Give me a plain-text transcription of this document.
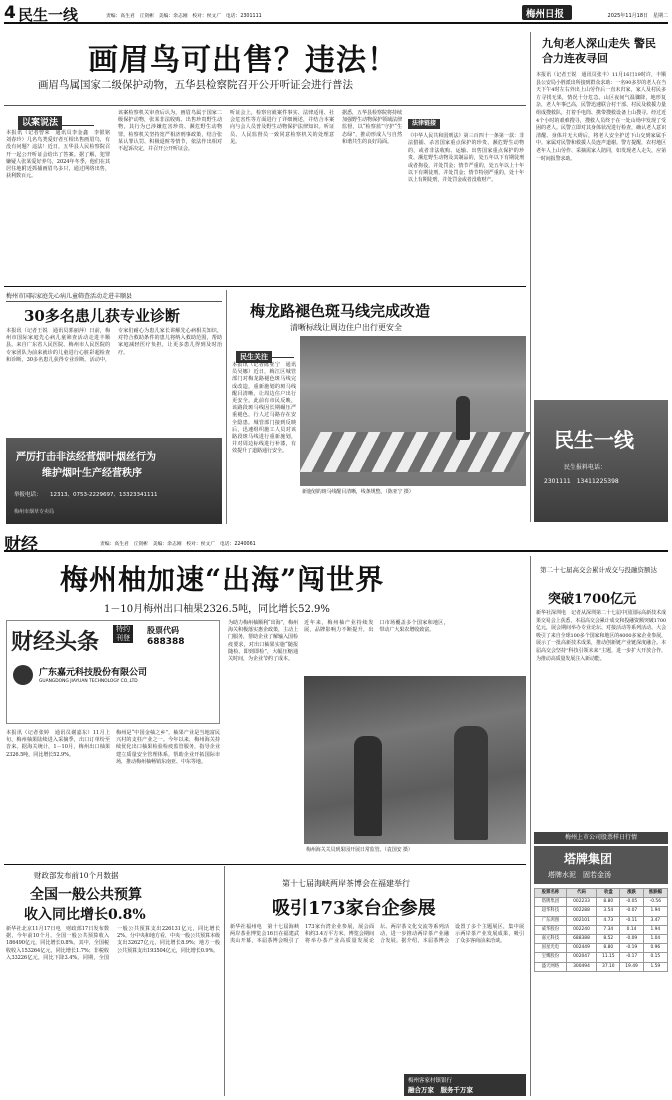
4 民生一线	责编：高生君　丘剑彬　美编：余志刚　校对：侯文广　电话：2301111	梅州日报	2025年11月18日　星期二
画眉鸟可出售？违法！
画眉鸟属国家二级保护动物，五华县检察院召开公开听证会进行普法
以案说法
本报讯（记者曾荣　通讯员李金鑫　李银铭　刘春玲）几名鸟类爱好者互相出售画眉鸟，有没有问题？违法！近日，五华县人民检察院召开一起公开听证会给出了答案。据了解，犯罪嫌疑人张某爱好养鸟，2024年冬季，他们在其居住地附近抓捕画眉鸟多只，通过网络出售，获利数百元。
该案检察机关审查后认为，画眉鸟属于国家二级保护动物，张某非法收购、出售珍贵野生动物，其行为已涉嫌危害珍贵、濒危野生动物罪。检察机关坚持宽严相济刑事政策，结合张某认罪认罚、积极退赃等情节，依法作出相对不起诉决定，并召开公开听证会。
听证会上，检察官就案件事实、法律适用、社会危害性等方面进行了详细阐述，并结合本案向与会人员普及野生动物保护法律知识。听证员、人民监督员一致同意检察机关的处理意见。
据悉，五华县检察院将持续加强野生动物保护领域法律监督，以“检察蓝”守护“生态绿”，推动形成人与自然和谐共生的良好局面。
法律链接
《中华人民共和国刑法》第三百四十一条第一款：非法猎捕、杀害国家重点保护的珍贵、濒危野生动物的，或者非法收购、运输、出售国家重点保护的珍贵、濒危野生动物及其制品的，处五年以下有期徒刑或者拘役，并处罚金；情节严重的，处五年以上十年以下有期徒刑，并处罚金；情节特别严重的，处十年以上有期徒刑，并处罚金或者没收财产。
九旬老人深山走失 警民合力连夜寻回
本报讯（记者王锐　通讯员张丰）11月16日19时许，丰顺县公安局小胜派出所接到群众求助：一名90多岁的老人在当天下午4时左右外出上山劳作后一直未归家，家人及村民多方寻找无果，情况十分危急。山区夜间气温骤降，地形复杂，老人年事已高，民警迅速联合村干部、村民及救援力量组成搜救队，打着手电筒、携带搜救设备上山搜寻。经过近4个小时的艰难搜寻，搜救人员终于在一处山坳中发现了受困的老人。民警立即对其身体状况进行检查，确认老人意识清醒、身体并无大碍后，将老人安全护送下山交到家属手中。家属对民警和救援人员连声道谢。警方提醒，农村地区老年人上山劳作、采摘需家人陪同，如发现老人走失，应第一时间报警求助。
梅州市国际家庭先心病儿童筛查活动走进丰顺县
30多名患儿获专业诊断
本报讯（记者王锐　通讯员郭丽萍）日前，梅州市国际家庭先心病儿童筛查活动走进丰顺县。来自广东省人民医院、梅州市人民医院的专家团队为前来就诊的儿童进行心脏彩超检查和诊断，30多名患儿获得专业诊断。活动中，专家们耐心为患儿家长讲解先心病相关知识，对符合救助条件的患儿将纳入救助范围，帮助家庭减轻医疗负担，让更多患儿得到及时治疗。
严厉打击非法经营烟叶烟丝行为
维护烟叶生产经营秩序
举报电话： 12313、0753-2229697、13323341111
梅州市烟草专卖局
梅龙路褪色斑马线完成改造
清晰标线让周边住户出行更安全
民生关注
本报讯（记者陈亚宁　通讯员吴娜）近日，梅江区城管部门对梅龙路褪色斑马线完成改造，重新施划的斑马线醒目清晰，让周边住户出行更安全。此前有市民反映，该路段斑马线因长期碾压严重褪色，行人过马路存在安全隐患。城管部门接到反映后，迅速组织施工人员对该路段斑马线进行重新施划，并对周边标线进行补漆，有效提升了道路通行安全。
新施划的斑马线醒目清晰，线条规整。（陈亚宁 摄）
民生一线
民生报料电话：
2301111　13411225398
财经	责编：高生君　丘剑彬　美编：余志刚　校对：侯文广　电话：2240061
梅州柚加速“出海”闯世界
1－10月梅州出口柚果2326.5吨，同比增长52.9%
财经头条	特约刊登
股票代码
688388
广东嘉元科技股份有限公司
GUANGDONG JIAYUAN TECHNOLOGY CO.,LTD
本报讯（记者张婷　通讯员谢嘉东）11月上旬，梅州柚果陆续进入采摘季，出口订单纷至沓来。据海关统计，1－10月，梅州出口柚果2326.5吨，同比增长52.9%。
梅州是“中国金柚之乡”，柚果产业是当地富民兴村的支柱产业之一。今年以来，梅州海关持续优化出口柚果检验检疫监管服务，指导企业建立质量安全管理体系，帮助企业开拓国际市场，推动梅州柚畅销东南亚、中东等地。
为助力梅州柚顺利“出海”，梅州海关积极落实惠企政策，主动上门服务，帮助企业了解输入国检疫要求，对出口柚果实施“随报随检、即到即检”，大幅压缩通关时间，为企业节约了成本。
近年来，梅州柚产业持续发展，品牌影响力不断提升，出口市场覆盖多个国家和地区，带动广大果农增收致富。
梅州海关关员到果园开展日常监管。（袁国安 摄）
第二十七届高交会累计成交与投融资额达
突破1700亿元
新华社深圳电　记者从深圳第二十七届中国国际高新技术成果交易会上获悉，本届高交会累计成交和投融资额突破1700亿元，展会期间举办专业论坛、对接活动等系列活动。大会吸引了来自全球100多个国家和地区的4000多家企业参展，展示了一批高新技术成果，推动创新链产业链深度融合。本届高交会坚持“科技引领未来”主题，进一步扩大开放合作，为推动高质量发展注入新动能。
梅州上市公司股票样日行情
塔牌集团
塔牌水泥　固若金汤
股票名称	代码	收盘	涨跌	涨跌幅
塔牌集团	002233	8.80	-0.05	-0.56
超华科技	002288	3.54	-0.07	1.94
广东鸿图	002101	4.73	-0.11	3.47
威华股份	002240	7.34	0.14	1.94
嘉元科技	688388	8.52	-0.09	1.04
国星光电	002449	8.80	-0.19	0.96
宝鹰股份	002047	11.15	-0.17	0.15
盛天网络	300494	37.10	19.49	1.59
财政部发布前10个月数据
全国一般公共预算
收入同比增长0.8%
新华社北京11月17日电　财政部17日发布数据，今年前10个月，全国一般公共预算收入186490亿元，同比增长0.8%。其中，全国税收收入153264亿元，同比增长1.7%；非税收入33226亿元，同比下降3.4%。同期，全国一般公共预算支出226131亿元，同比增长2%。分中央和地方看，中央一般公共预算本级支出32627亿元，同比增长8.9%；地方一般公共预算支出193504亿元，同比增长0.9%。
第十七届海峡两岸茶博会在福建举行
吸引173家台企参展
新华社福州电　第十七届海峡两岸茶业博览会16日在福建武夷山开幕，本届茶博会吸引了173家台湾企业参展，展会面积约3.4万平方米。博览会期间将举办茶产业高质量发展论坛、两岸茶文化交流等系列活动，进一步推动两岸茶产业融合发展。据介绍，本届茶博会设置了多个主题展区，集中展示两岸茶产业发展成果，吸引了众多客商前来洽谈。
梅州客家村镇银行
融合万家　服务千万家
